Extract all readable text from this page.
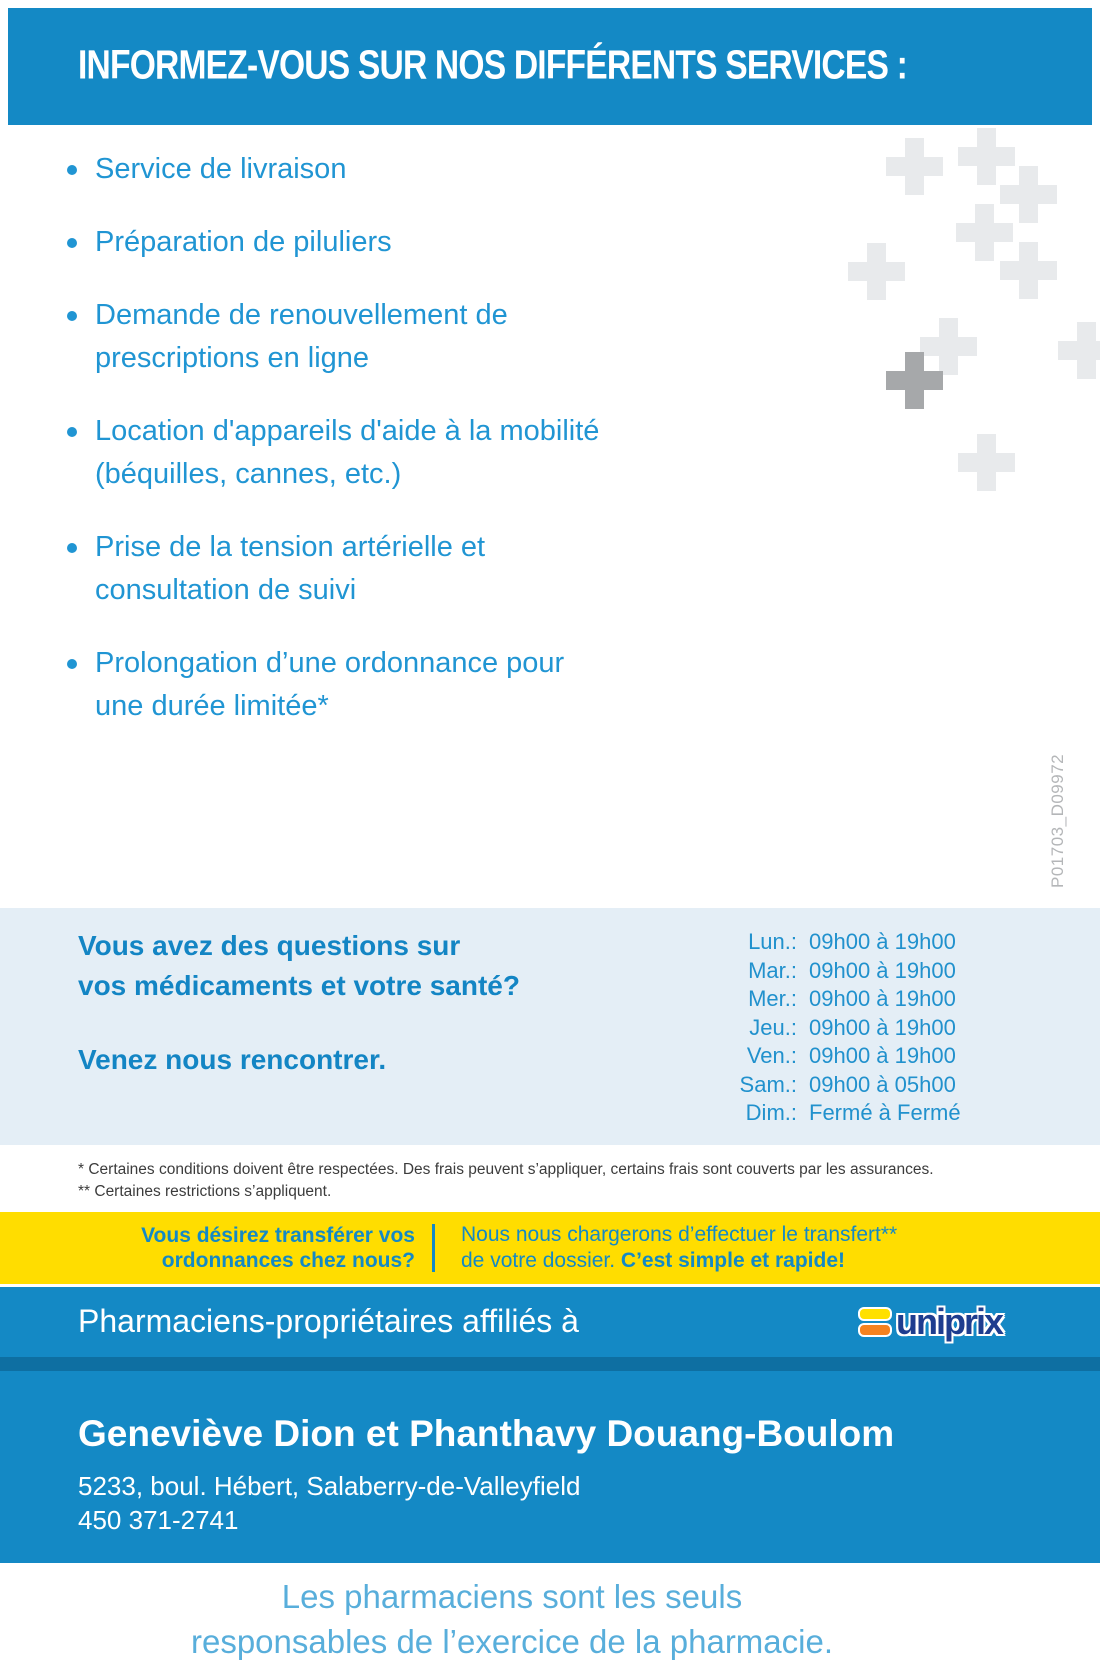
INFORMEZ-VOUS SUR NOS DIFFÉRENTS SERVICES :
Service de livraison
Préparation de piluliers
Demande de renouvellement de
prescriptions en ligne
Location d'appareils d'aide à la mobilité
(béquilles, cannes, etc.)
Prise de la tension artérielle et
consultation de suivi
Prolongation d’une ordonnance pour
une durée limitée*
P01703_D09972
Vous avez des questions sur
vos médicaments et votre santé?
Venez nous rencontrer.
Lun.: 09h00 à 19h00
Mar.: 09h00 à 19h00
Mer.: 09h00 à 19h00
Jeu.: 09h00 à 19h00
Ven.: 09h00 à 19h00
Sam.: 09h00 à 05h00
Dim.: Fermé à Fermé
* Certaines conditions doivent être respectées. Des frais peuvent s’appliquer, certains frais sont couverts par les assurances.
** Certaines restrictions s’appliquent.
Vous désirez transférer vos
ordonnances chez nous?
Nous nous chargerons d’effectuer le transfert**
de votre dossier. C’est simple et rapide!
Pharmaciens-propriétaires affiliés à	uniprix
Geneviève Dion et Phanthavy Douang-Boulom
5233, boul. Hébert, Salaberry-de-Valleyfield
450 371-2741
Les pharmaciens sont les seuls
responsables de l’exercice de la pharmacie.
